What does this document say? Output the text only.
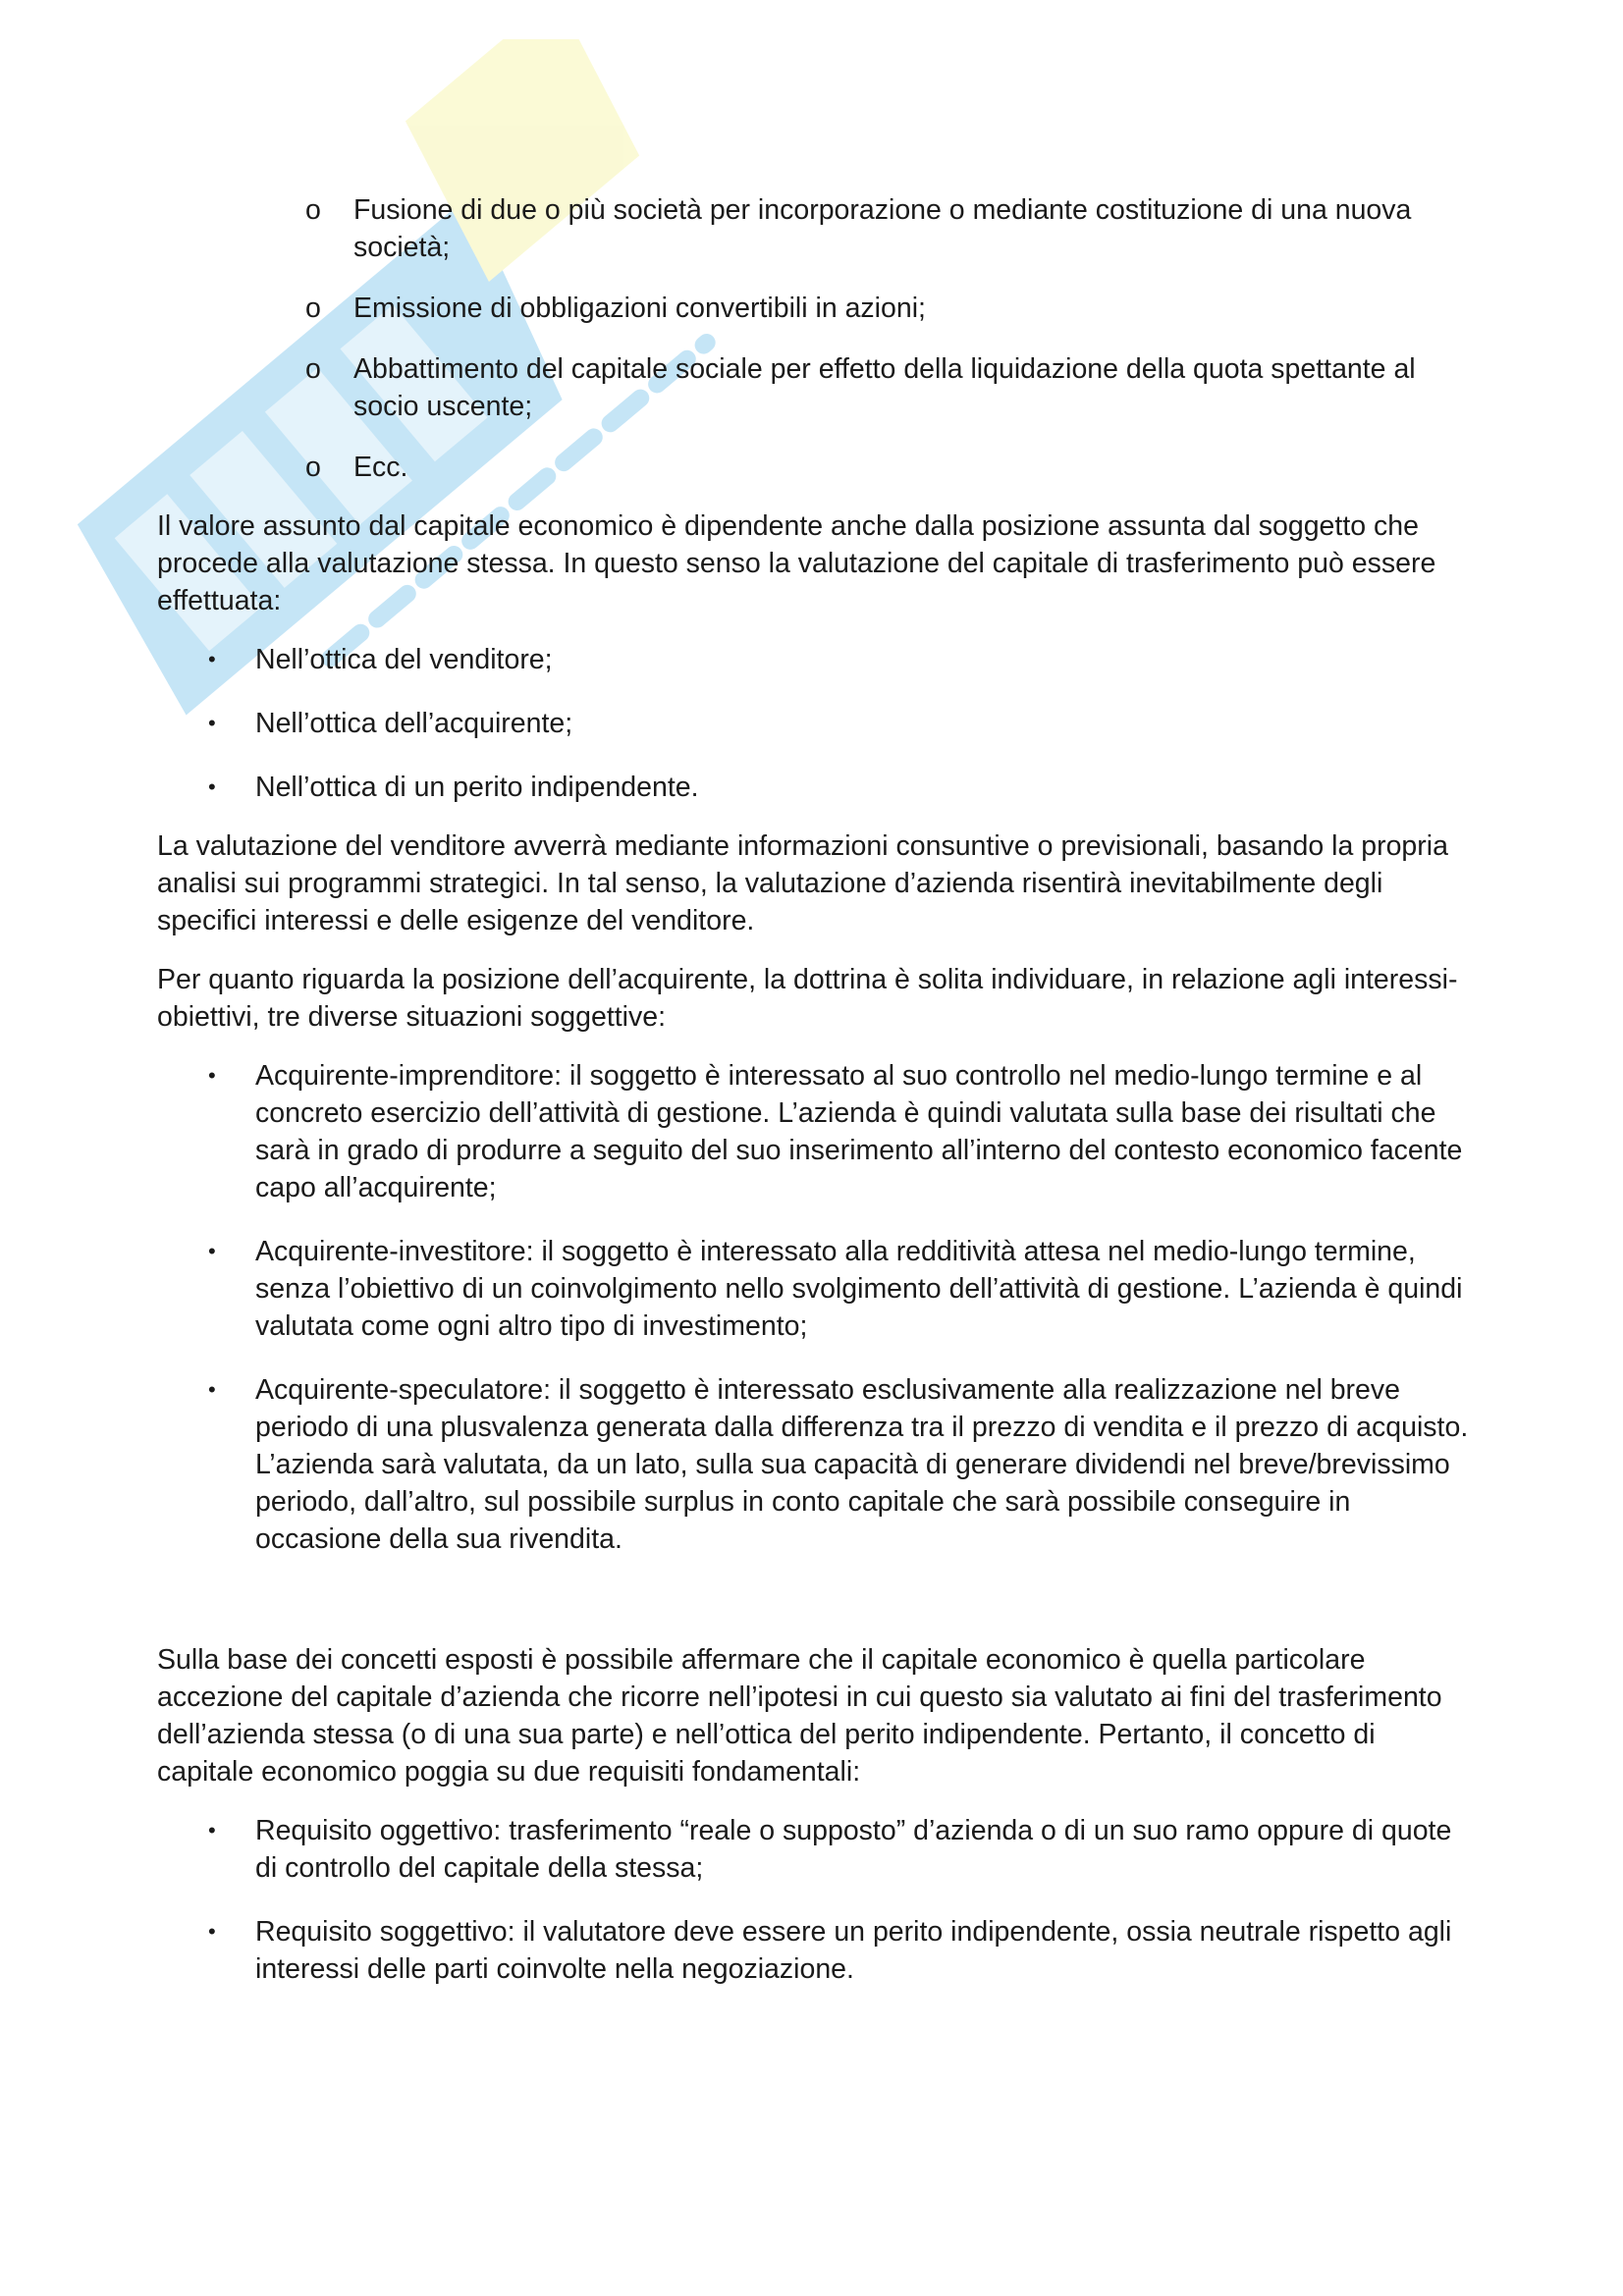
o Fusione di due o più società per incorporazione o mediante costituzione di una nuova società;
o Emissione di obbligazioni convertibili in azioni;
o Abbattimento del capitale sociale per effetto della liquidazione della quota spettante al socio uscente;
o Ecc.

Il valore assunto dal capitale economico è dipendente anche dalla posizione assunta dal soggetto che procede alla valutazione stessa. In questo senso la valutazione del capitale di trasferimento può essere effettuata:

• Nell’ottica del venditore;
• Nell’ottica dell’acquirente;
• Nell’ottica di un perito indipendente.

La valutazione del venditore avverrà mediante informazioni consuntive o previsionali, basando la propria analisi sui programmi strategici. In tal senso, la valutazione d’azienda risentirà inevitabilmente degli specifici interessi e delle esigenze del venditore.

Per quanto riguarda la posizione dell’acquirente, la dottrina è solita individuare, in relazione agli interessi-obiettivi, tre diverse situazioni soggettive:

• Acquirente-imprenditore: il soggetto è interessato al suo controllo nel medio-lungo termine e al concreto esercizio dell’attività di gestione. L’azienda è quindi valutata sulla base dei risultati che sarà in grado di produrre a seguito del suo inserimento all’interno del contesto economico facente capo all’acquirente;
• Acquirente-investitore: il soggetto è interessato alla redditività attesa nel medio-lungo termine, senza l’obiettivo di un coinvolgimento nello svolgimento dell’attività di gestione. L’azienda è quindi valutata come ogni altro tipo di investimento;
• Acquirente-speculatore: il soggetto è interessato esclusivamente alla realizzazione nel breve periodo di una plusvalenza generata dalla differenza tra il prezzo di vendita e il prezzo di acquisto. L’azienda sarà valutata, da un lato, sulla sua capacità di generare dividendi nel breve/brevissimo periodo, dall’altro, sul possibile surplus in conto capitale che sarà possibile conseguire in occasione della sua rivendita.

Sulla base dei concetti esposti è possibile affermare che il capitale economico è quella particolare accezione del capitale d’azienda che ricorre nell’ipotesi in cui questo sia valutato ai fini del trasferimento dell’azienda stessa (o di una sua parte) e nell’ottica del perito indipendente. Pertanto, il concetto di capitale economico poggia su due requisiti fondamentali:

• Requisito oggettivo: trasferimento “reale o supposto” d’azienda o di un suo ramo oppure di quote di controllo del capitale della stessa;
• Requisito soggettivo: il valutatore deve essere un perito indipendente, ossia neutrale rispetto agli interessi delle parti coinvolte nella negoziazione.
